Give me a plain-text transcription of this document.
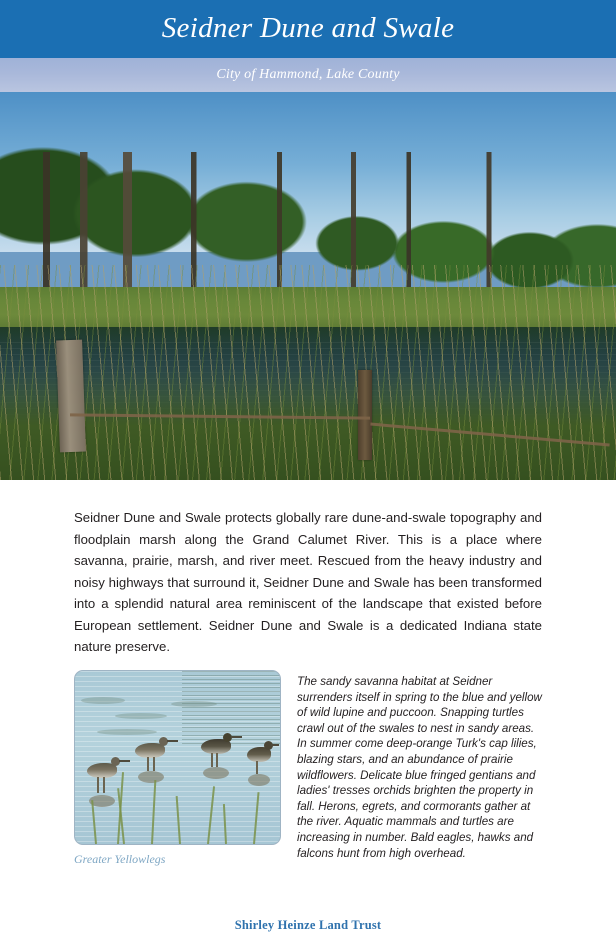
Seidner Dune and Swale
City of Hammond, Lake County
Seidner Dune and Swale protects globally rare dune-and-swale topography and floodplain marsh along the Grand Calumet River. This is a place where savanna, prairie, marsh, and river meet. Rescued from the heavy industry and noisy highways that surround it, Seidner Dune and Swale has been transformed into a splendid natural area reminiscent of the landscape that existed before European settlement. Seidner Dune and Swale is a dedicated Indiana state nature preserve.
Greater Yellowlegs
The sandy savanna habitat at Seidner surrenders itself in spring to the blue and yellow of wild lupine and puccoon. Snapping turtles crawl out of the swales to nest in sandy areas. In summer come deep-orange Turk's cap lilies, blazing stars, and an abundance of prairie wildflowers. Delicate blue fringed gentians and ladies' tresses orchids brighten the property in fall. Herons, egrets, and cormorants gather at the river. Aquatic mammals and turtles are increasing in number. Bald eagles, hawks and falcons hunt from high overhead.
Shirley Heinze Land Trust
